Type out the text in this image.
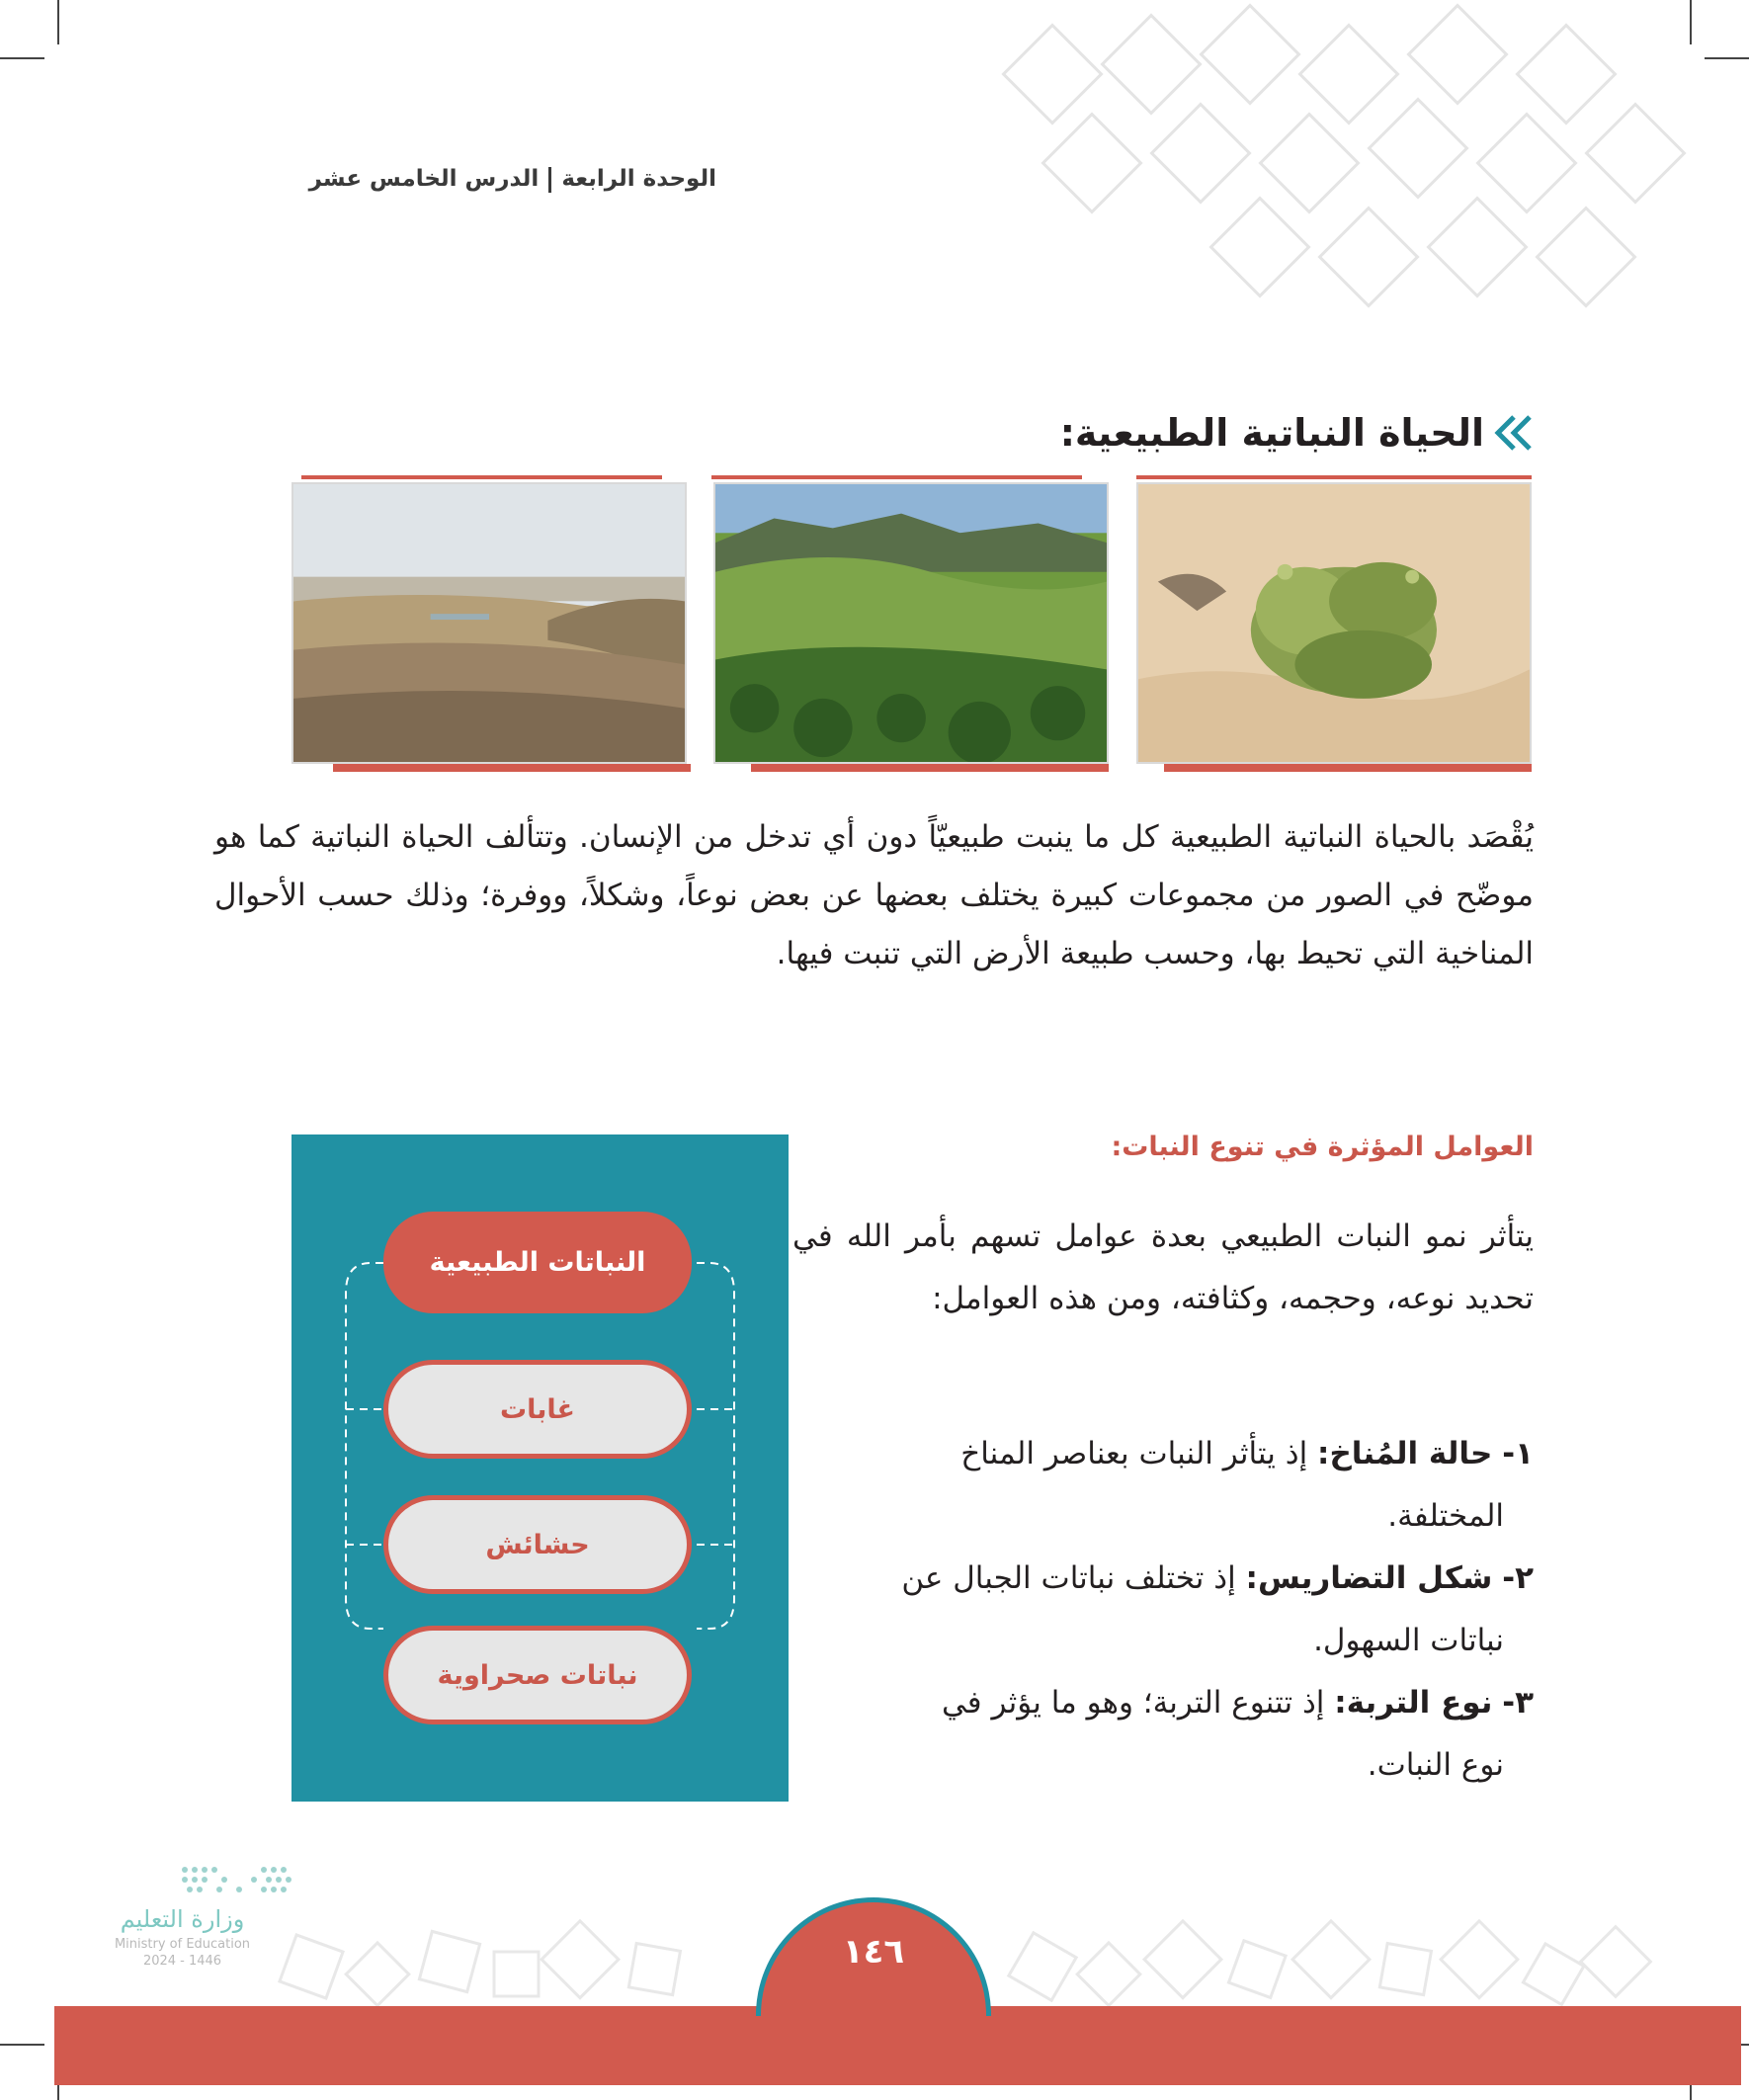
الوحدة الرابعةالدرس الخامس عشر
الحياة النباتية الطبيعية:

يُقْصَد بالحياة النباتية الطبيعية كل ما ينبت طبيعيّاً دون أي تدخل من الإنسان. وتتألف الحياة النباتية كما هو موضّح في الصور من مجموعات كبيرة يختلف بعضها عن بعض نوعاً، وشكلاً، ووفرة؛ وذلك حسب الأحوال المناخية التي تحيط بها، وحسب طبيعة الأرض التي تنبت فيها.

العوامل المؤثرة في تنوع النبات:

يتأثر نمو النبات الطبيعي بعدة عوامل تسهم بأمر الله في تحديد نوعه، وحجمه، وكثافته، ومن هذه العوامل:

١- حالة المُناخ: إذ يتأثر النبات بعناصر المناخ
المختلفة.
٢- شكل التضاريس: إذ تختلف نباتات الجبال عن
نباتات السهول.
٣- نوع التربة: إذ تتنوع التربة؛ وهو ما يؤثر في
نوع النبات.
النباتات الطبيعية
غابات
حشائش
نباتات صحراوية
وزارة التعليم
Ministry of Education
2024 - 1446	١٤٦
